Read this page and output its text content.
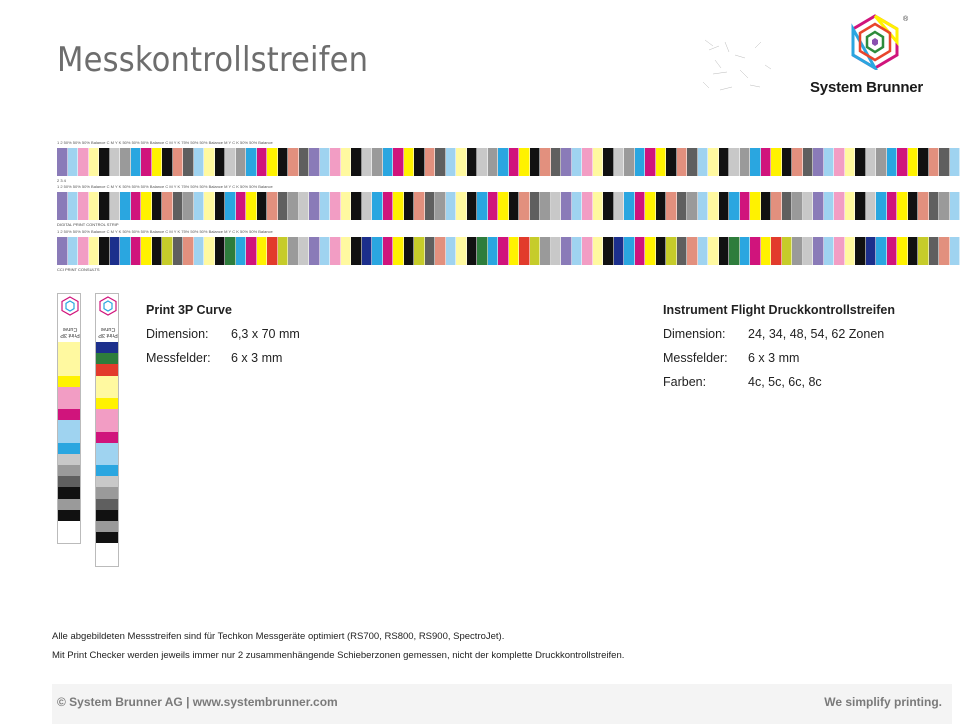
Messkontrollstreifen
®
System Brunner
1 2 50% 50% 50% Balance C M Y K 50% 50% 50% Balance C M Y K 75% 50% 50% Balance M Y C K 50% 50% Balance
2 3 4
1 2 50% 50% 50% Balance C M Y K 50% 50% 50% Balance C M Y K 75% 50% 50% Balance M Y C K 50% 50% Balance
DIGITAL PRINT CONTROL STRIP
1 2 50% 50% 50% Balance C M Y K 50% 50% 50% Balance C M Y K 75% 50% 50% Balance M Y C K 50% 50% Balance
CCI PRINT CONSULTS
Print 3P Curve
Print 3P Curve
Print 3P Curve
Dimension:	6,3 x 70 mm
Messfelder:	6 x 3 mm
Instrument Flight Druckkontrollstreifen
Dimension:	24, 34, 48, 54, 62 Zonen
Messfelder:	6 x 3 mm
Farben:	4c, 5c, 6c, 8c
Alle abgebildeten Messstreifen sind für Techkon Messgeräte optimiert (RS700, RS800, RS900, SpectroJet).
Mit Print Checker werden jeweils immer nur 2 zusammenhängende Schieberzonen gemessen, nicht der komplette Druckkontrollstreifen.
© System Brunner AG | www.systembrunner.com	We simplify printing.
